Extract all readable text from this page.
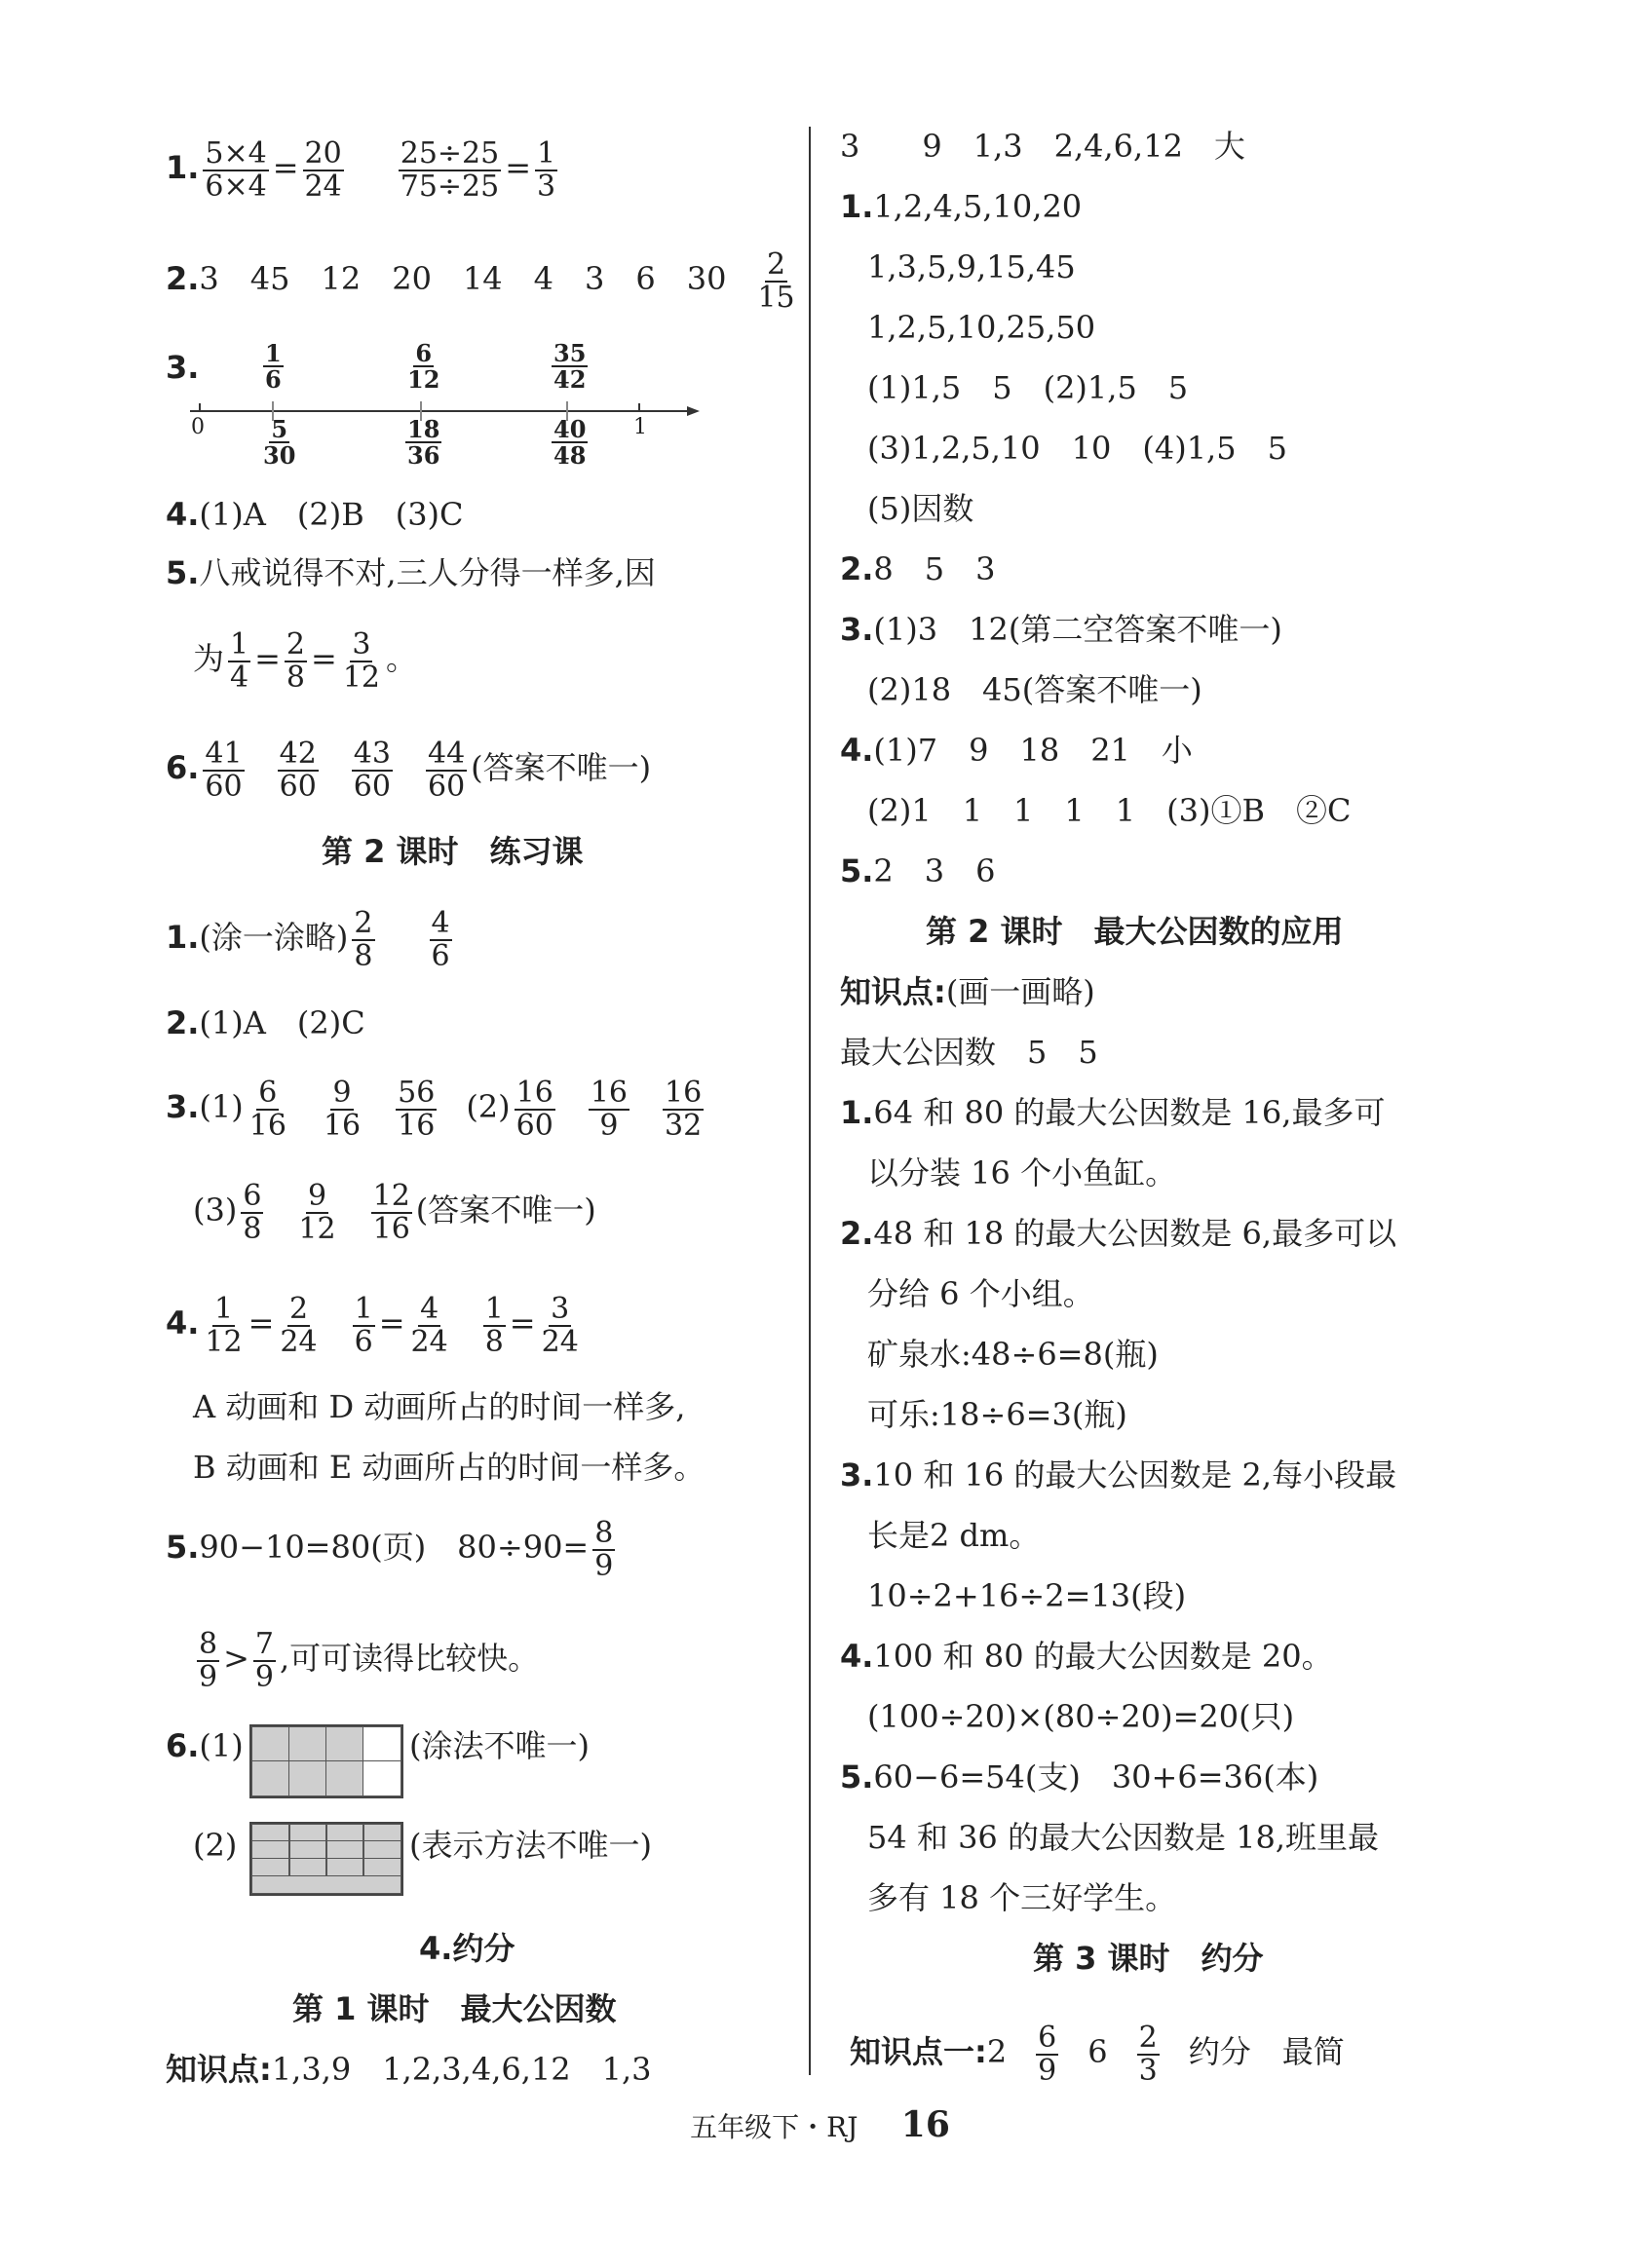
1. $\frac{5\times 4}{6\times 4} = \frac{20}{24} \frac{25\div 25}{75\div 25} = \frac{1}{3}$
2.3　45　12　20　14　4　3　6　$30 \frac{2}{15}$
3.
0	1
1
6
6
12
35
42
5
30
18
36
40
48
4.(1)A　(2)B　(3)C
5.八戒说得不对,三人分得一样多,因
为 $\frac{1}{4} = \frac{2}{8} = \frac{3}{12}$ 。
6. $\frac{41}{60} \frac{42}{60} \frac{43}{60} \frac{44}{60}$ (答案不唯一)
第 2 课时　练习课
1.(涂一涂略) $\frac{2}{8} \frac{4}{6}$
2.(1)A　(2)C
$3.(1) \frac{6}{16} \frac{9}{16} \frac{56}{16} (2) \frac{16}{60} \frac{16}{9} \frac{16}{32}$
$(3) \frac{6}{8} \frac{9}{12} \frac{12}{16}$ (答案不唯一)
4. $\frac{1}{12} = \frac{2}{24} \frac{1}{6} = \frac{4}{24} \frac{1}{8} = \frac{3}{24}$
A 动画和 D 动画所占的时间一样多,
B 动画和 E 动画所占的时间一样多。
5.90−10=80(页)　$80\div 90= \frac{8}{9}$
$\frac{8}{9} > \frac{7}{9}$ ,可可读得比较快。
6.(1)	(涂法不唯一)
(2)	(表示方法不唯一)
4.约分
第 1 课时　最大公因数
知识点:1,3,9　1,2,3,4,6,12　1,3
3　　9　1,3　2,4,6,12　大
1.1,2,4,5,10,20
1,3,5,9,15,45
1,2,5,10,25,50
(1)1,5　5　(2)1,5　5
(3)1,2,5,10　10　(4)1,5　5
(5)因数
2.8　5　3
3.(1)3　12(第二空答案不唯一)
(2)18　45(答案不唯一)
4.(1)7　9　18　21　小
(2)1　1　1　1　1　(3)①B　②C
5.2　3　6
第 2 课时　最大公因数的应用
知识点:(画一画略)
最大公因数　5　5
1.64 和 80 的最大公因数是 16,最多可
以分装 16 个小鱼缸。
2.48 和 18 的最大公因数是 6,最多可以
分给 6 个小组。
矿泉水:48÷6=8(瓶)
可乐:18÷6=3(瓶)
3.10 和 16 的最大公因数是 2,每小段最
长是2 dm。
10÷2+16÷2=13(段)
4.100 和 80 的最大公因数是 20。
(100÷20)×(80÷20)=20(只)
5.60−6=54(支)　30+6=36(本)
54 和 36 的最大公因数是 18,班里最
多有 18 个三好学生。
第 3 课时　约分
知识点一:2 $\frac{6}{9} 6 \frac{2}{3}$ 约分　最简
五年级下・RJ 16
